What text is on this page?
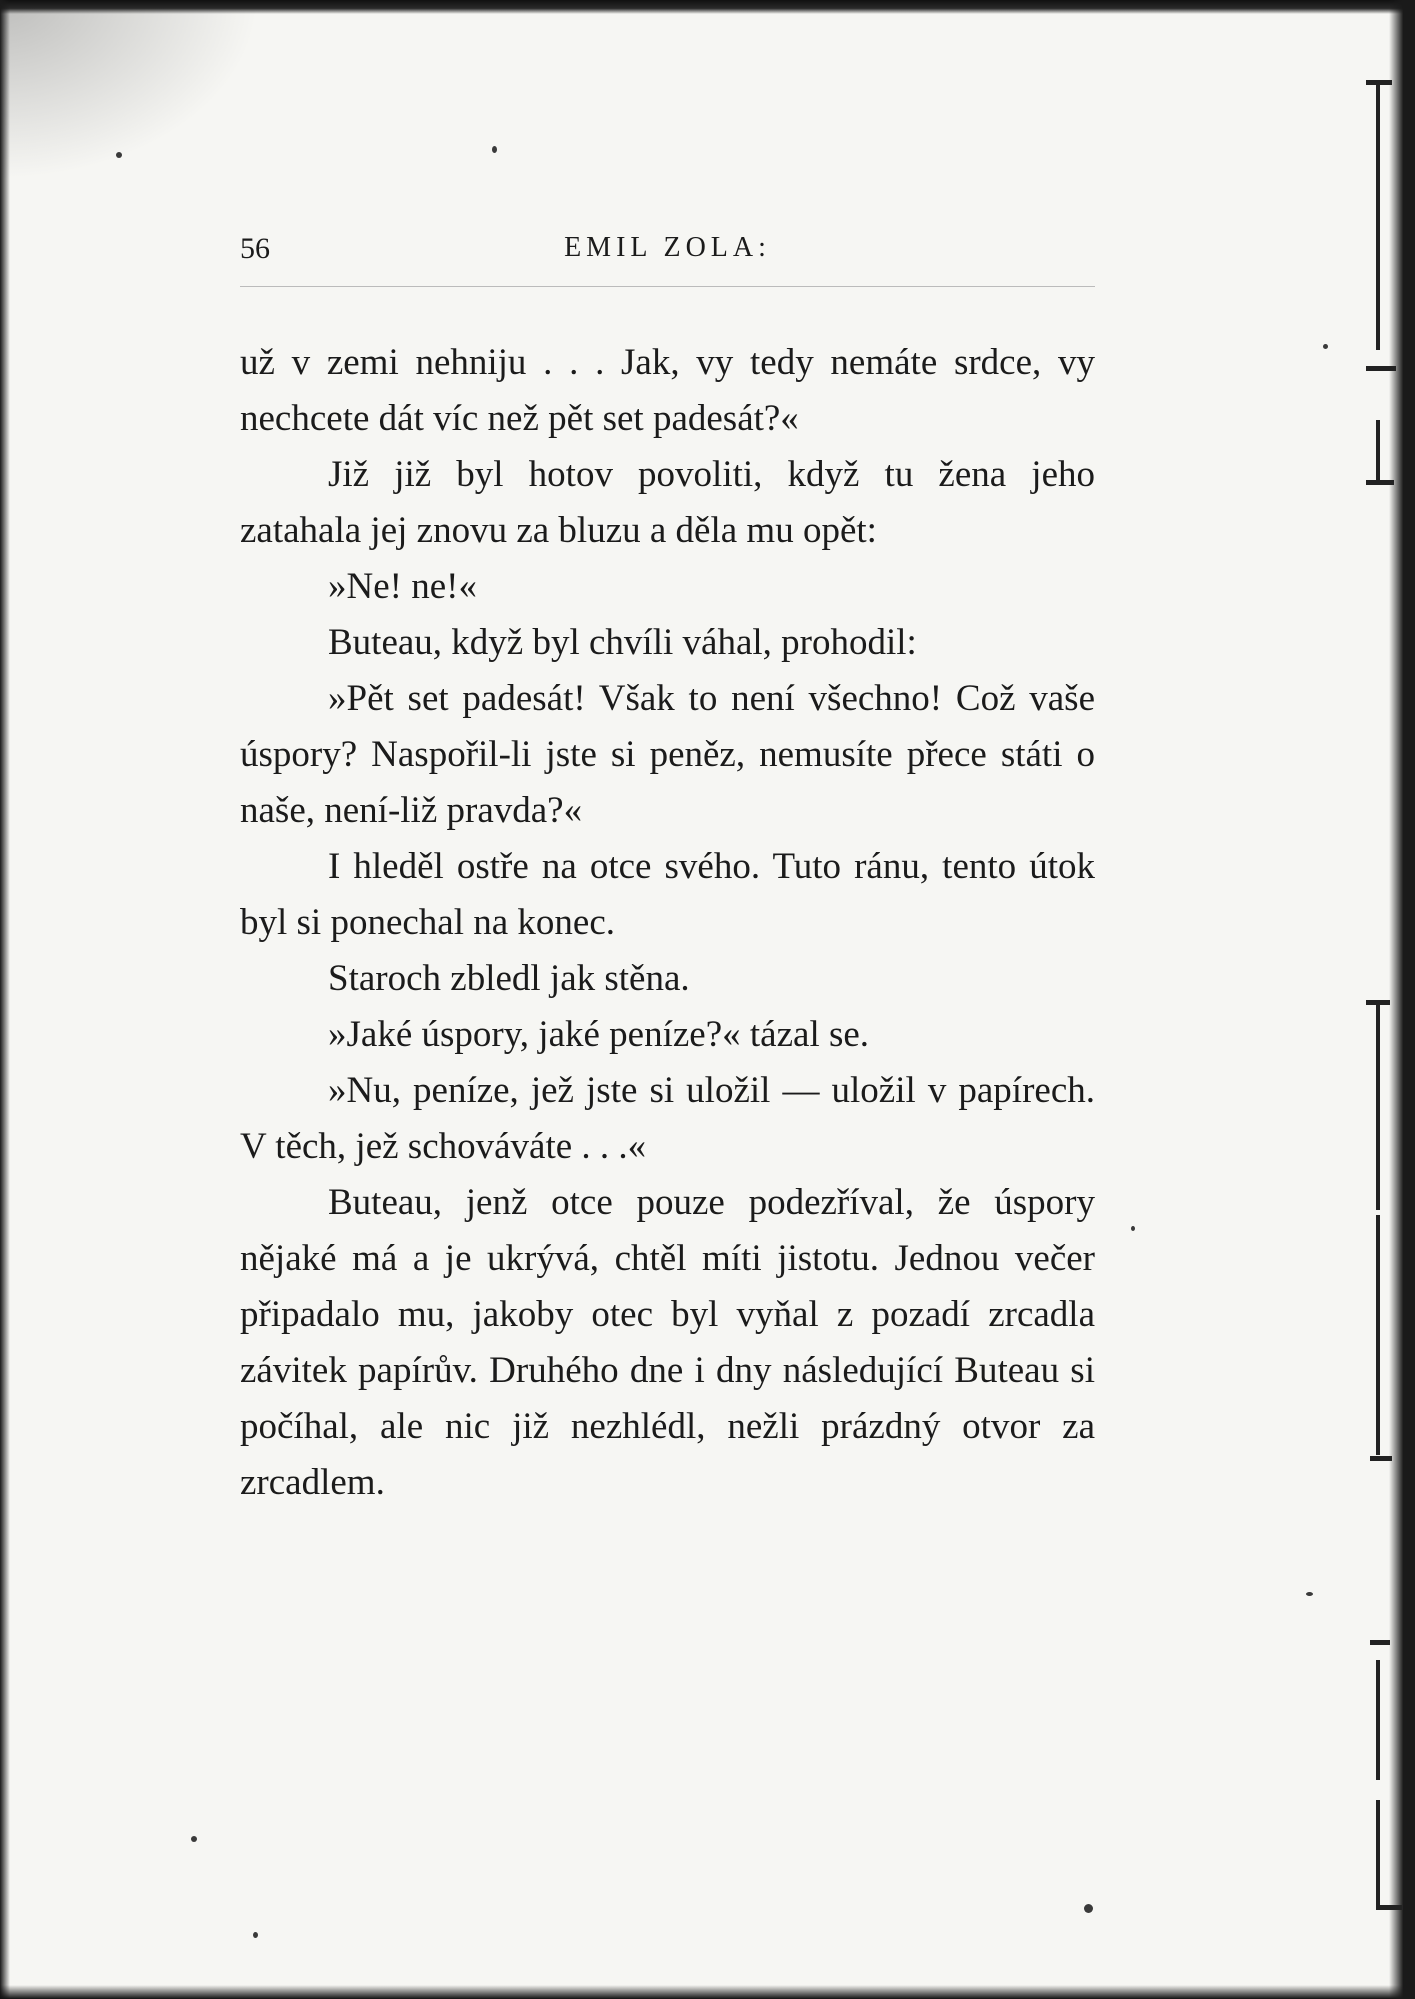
56	EMIL ZOLA:

už v zemi nehniju . . . Jak, vy tedy nemáte srdce, vy nechcete dát víc než pět set padesát?«

Již již byl hotov povoliti, když tu žena jeho zatahala jej znovu za bluzu a děla mu opět:

»Ne! ne!«

Buteau, když byl chvíli váhal, prohodil:

»Pět set padesát! Však to není všechno! Což vaše úspory? Naspořil-li jste si peněz, nemusíte přece státi o naše, není-liž pravda?«

I hleděl ostře na otce svého. Tuto ránu, tento útok byl si ponechal na konec.

Staroch zbledl jak stěna.

»Jaké úspory, jaké peníze?« tázal se.

»Nu, peníze, jež jste si uložil — uložil v papírech. V těch, jež schováváte . . .«

Buteau, jenž otce pouze podezříval, že úspory nějaké má a je ukrývá, chtěl míti jistotu. Jednou večer připadalo mu, jakoby otec byl vyňal z pozadí zrcadla závitek papírův. Druhého dne i dny následující Buteau si počíhal, ale nic již nezhlédl, nežli prázdný otvor za zrcadlem.
